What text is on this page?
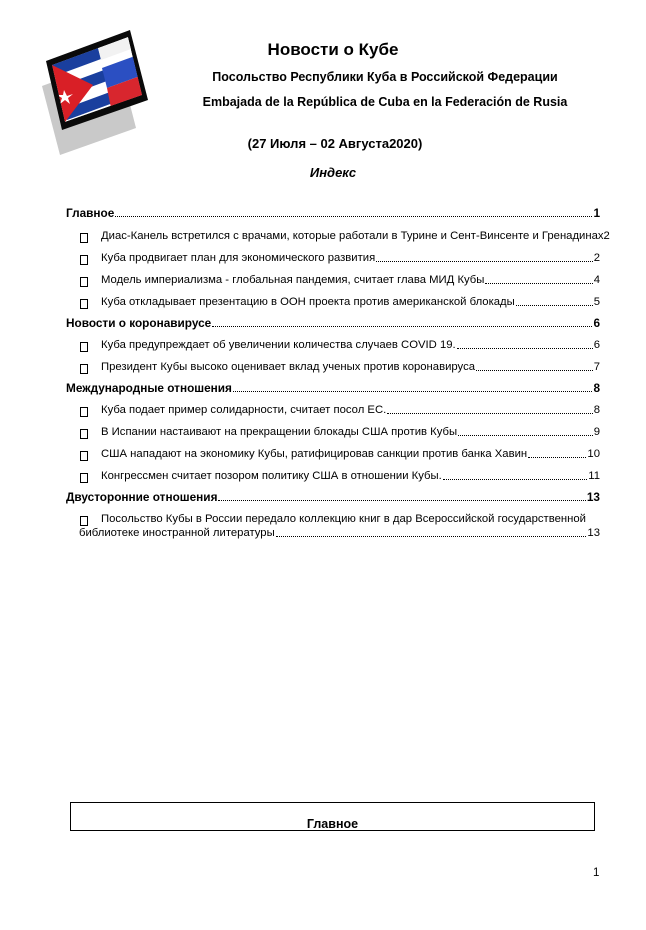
Новости о Кубе
Посольство Республики Куба в Российской Федерации
Embajada de la República de Cuba en la Federación de Rusia
(27 Июля – 02 Августа2020)
Индекс
Главное	1
Диас-Канель встретился с врачами, которые работали в Турине и Сент-Винсенте и Гренадинах 2
Куба продвигает план для экономического развития	2
Модель империализма - глобальная пандемия, считает глава МИД Кубы	4
Куба откладывает презентацию в ООН проекта против американской блокады	5
Новости о коронавирусе	6
Куба предупреждает об увеличении количества случаев COVID 19.	6
Президент Кубы высоко оценивает вклад ученых против коронавируса	7
Международные отношения	8
Куба подает пример солидарности, считает посол ЕС.	8
В Испании настаивают на прекращении блокады США против Кубы	9
США нападают на экономику Кубы, ратифицировав санкции против банка Хавин	10
Конгрессмен считает позором политику США в отношении Кубы.	11
Двусторонние отношения	13
Посольство Кубы в России передало коллекцию книг в дар Всероссийской государственной
библиотеке иностранной литературы	13
Главное
1
